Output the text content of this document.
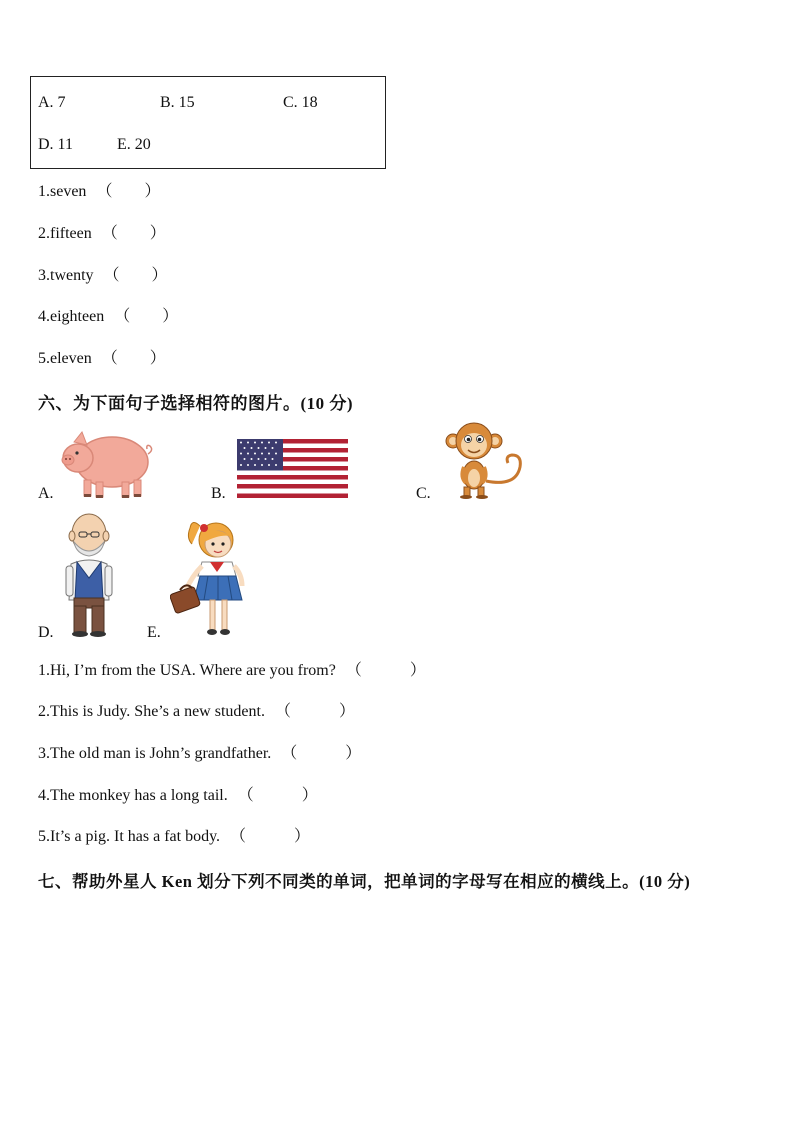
A. 7	B. 15	C. 18
D. 11	E. 20
1.seven （　　）
2.fifteen （　　）
3.twenty （　　）
4.eighteen （　　）
5.eleven （　　）
六、为下面句子选择相符的图片。(10 分)
A.	B.	C.
D.	E.
1.Hi, I’m from the USA. Where are you from? （　　　）
2.This is Judy. She’s a new student. （　　　）
3.The old man is John’s grandfather. （　　　）
4.The monkey has a long tail. （　　　）
5.It’s a pig. It has a fat body. （　　　）
七、帮助外星人 Ken 划分下列不同类的单词，把单词的字母写在相应的横线上。(10 分)
